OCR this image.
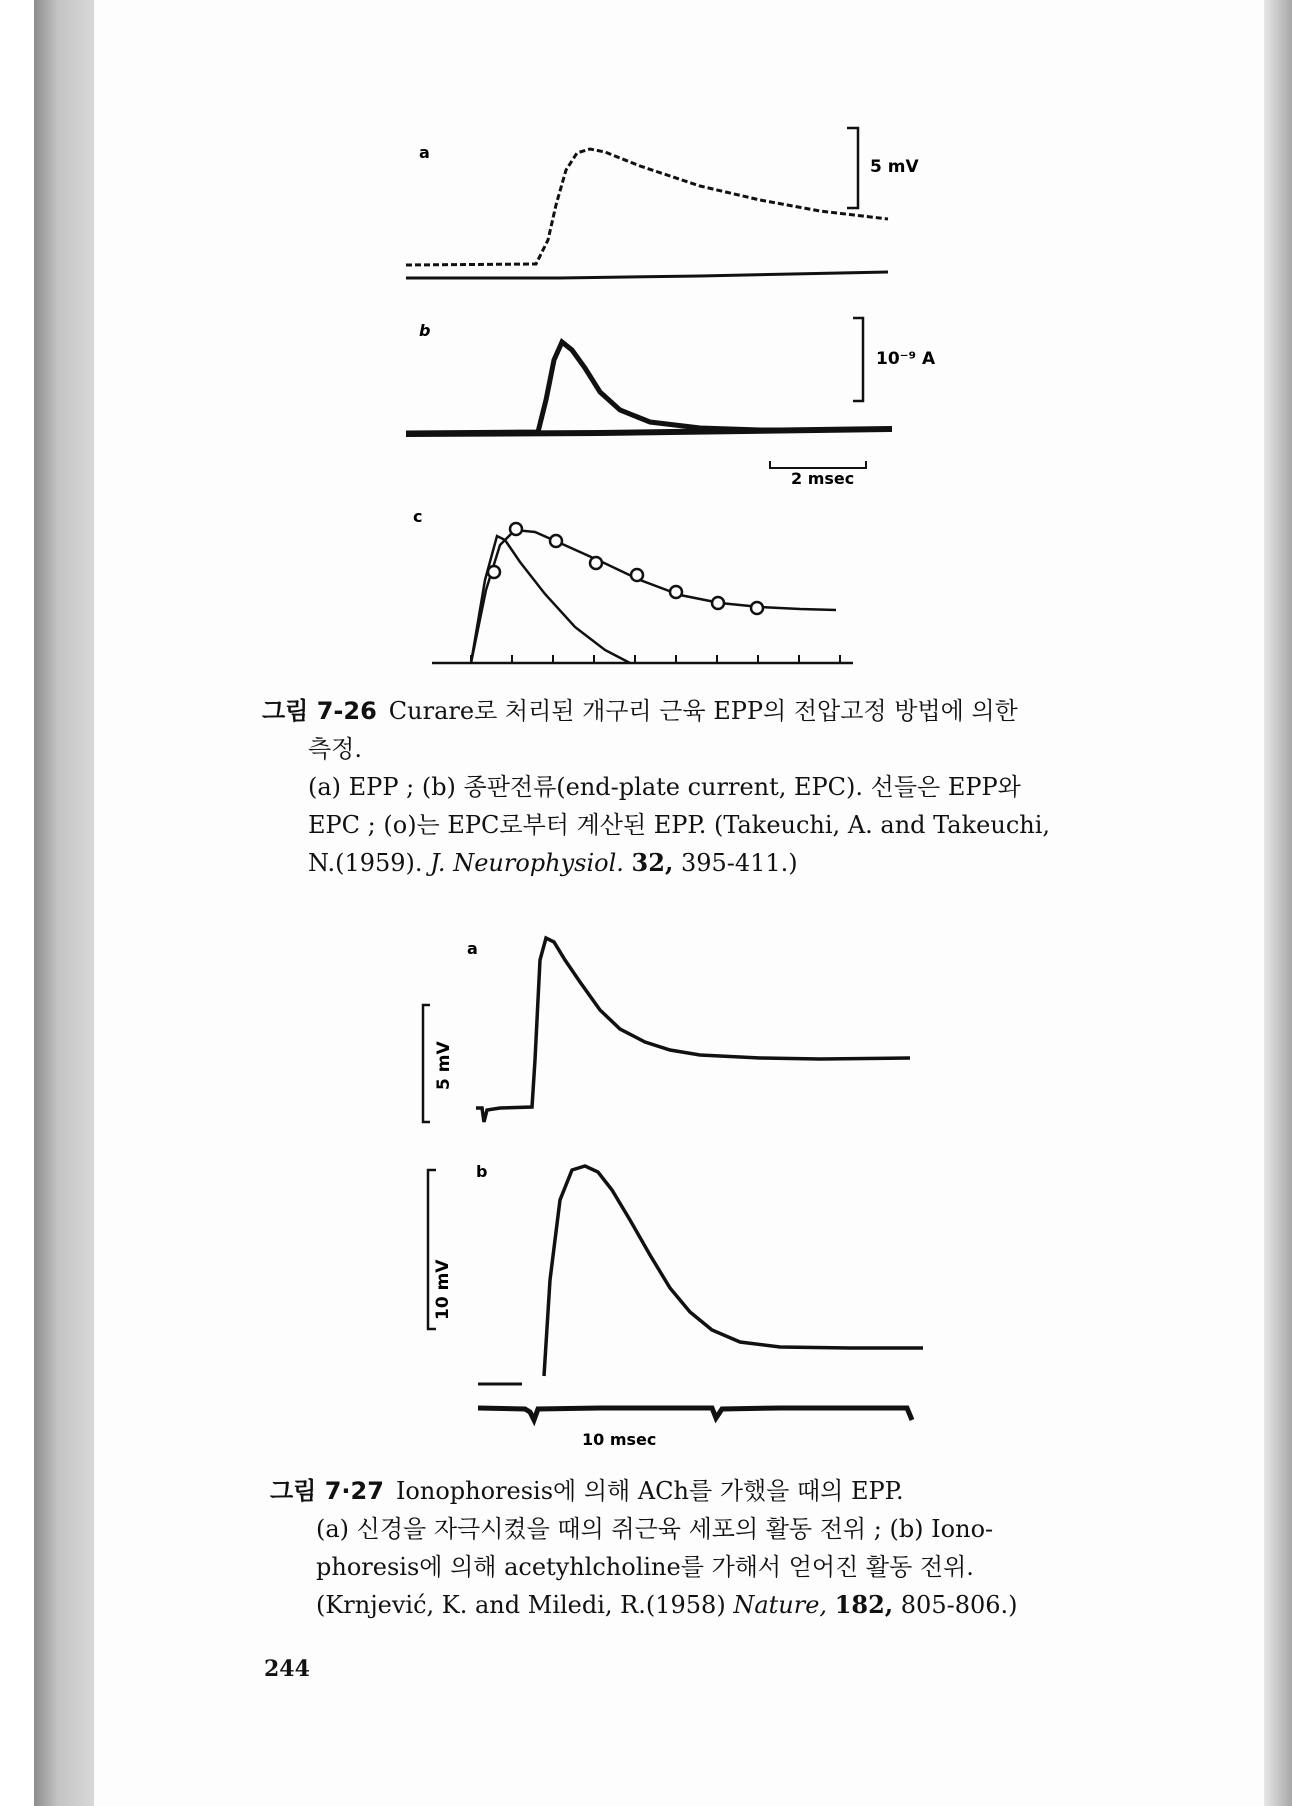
a
5 mV
b
10⁻⁹ A
2 msec
c
그림 7-26 Curare로 처리된 개구리 근육 EPP의 전압고정 방법에 의한
측정.
(a) EPP ; (b) 종판전류(end-plate current, EPC). 선들은 EPP와
EPC ; (o)는 EPC로부터 계산된 EPP. (Takeuchi, A. and Takeuchi,
N.(1959). J. Neurophysiol. 32, 395-411.)
a
5 mV
b
10 mV
10 msec
그림 7·27 Ionophoresis에 의해 ACh를 가했을 때의 EPP.
(a) 신경을 자극시켰을 때의 쥐근육 세포의 활동 전위 ; (b) Iono-
phoresis에 의해 acetyhlcholine를 가해서 얻어진 활동 전위.
(Krnjević, K. and Miledi, R.(1958) Nature, 182, 805-806.)
244
